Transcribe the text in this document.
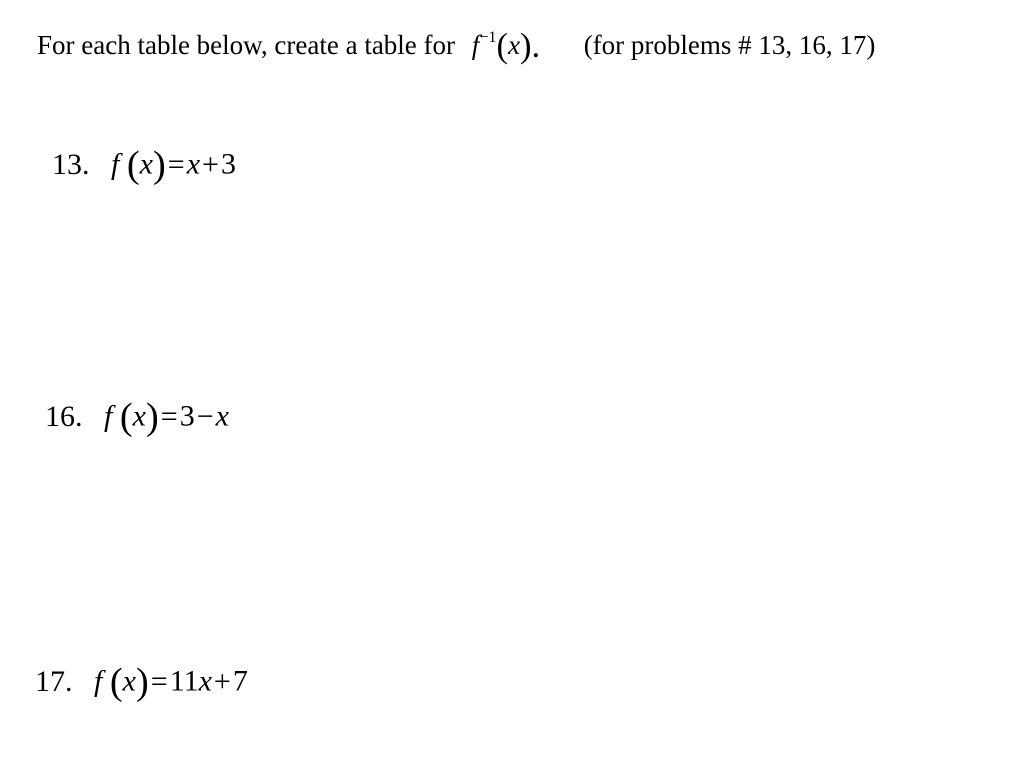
For each table below, create a table for $f^{-1}(x)$. (for problems # 13, 16, 17)
13. f (x)=x+3
16. f (x)=3−x
17. f (x)=11x+7
